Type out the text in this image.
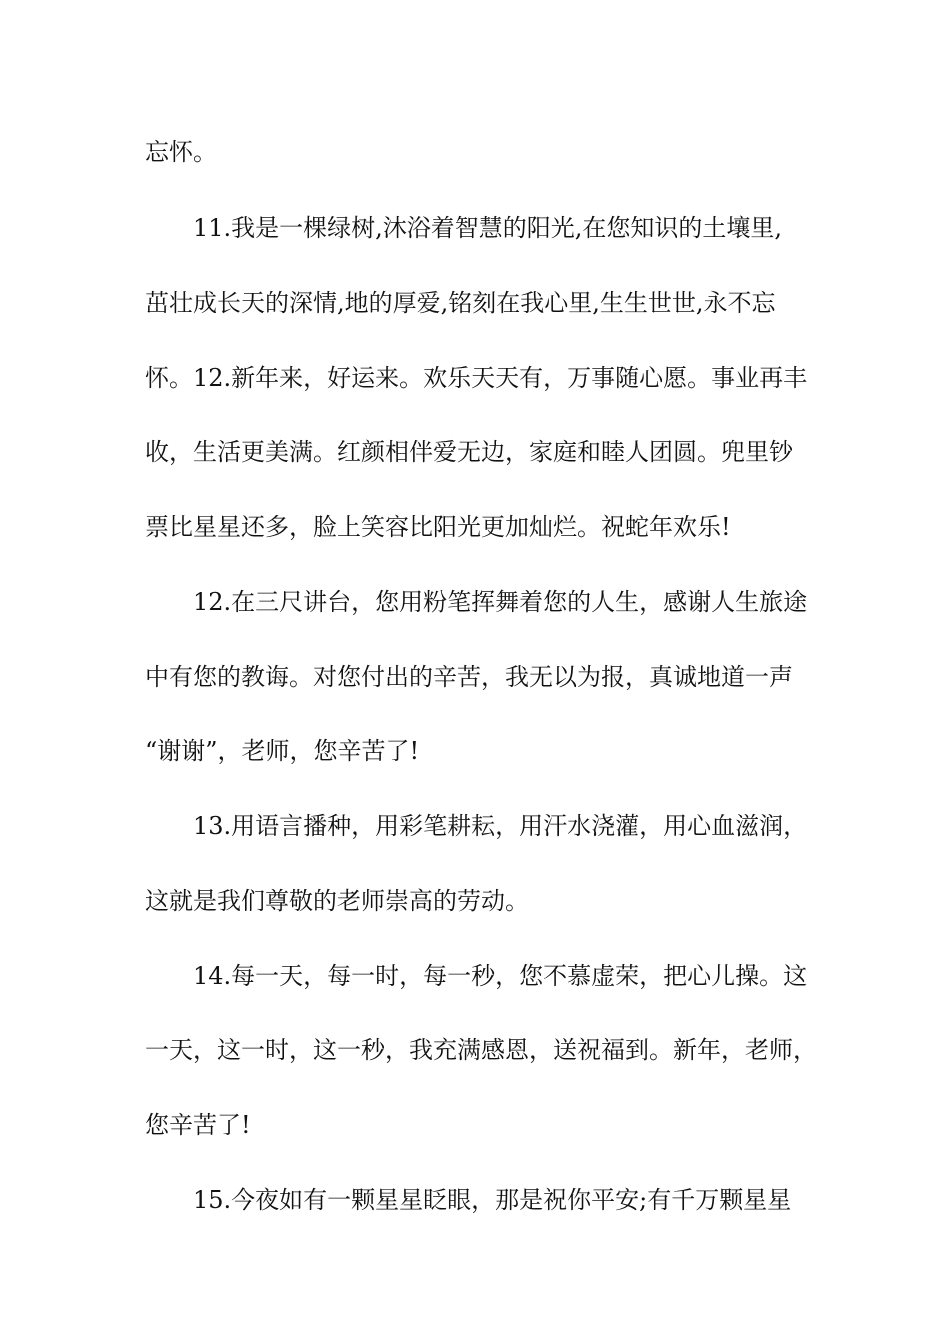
忘怀。
11.我是一棵绿树,沐浴着智慧的阳光,在您知识的土壤里,
茁壮成长天的深情,地的厚爱,铭刻在我心里,生生世世,永不忘
怀。12.新年来，好运来。欢乐天天有，万事随心愿。事业再丰
收，生活更美满。红颜相伴爱无边，家庭和睦人团圆。兜里钞
票比星星还多，脸上笑容比阳光更加灿烂。祝蛇年欢乐!
12.在三尺讲台，您用粉笔挥舞着您的人生，感谢人生旅途
中有您的教诲。对您付出的辛苦，我无以为报，真诚地道一声
“谢谢”，老师，您辛苦了!
13.用语言播种，用彩笔耕耘，用汗水浇灌，用心血滋润，
这就是我们尊敬的老师崇高的劳动。
14.每一天，每一时，每一秒，您不慕虚荣，把心儿操。这
一天，这一时，这一秒，我充满感恩，送祝福到。新年，老师，
您辛苦了!
15.今夜如有一颗星星眨眼，那是祝你平安;有千万颗星星
